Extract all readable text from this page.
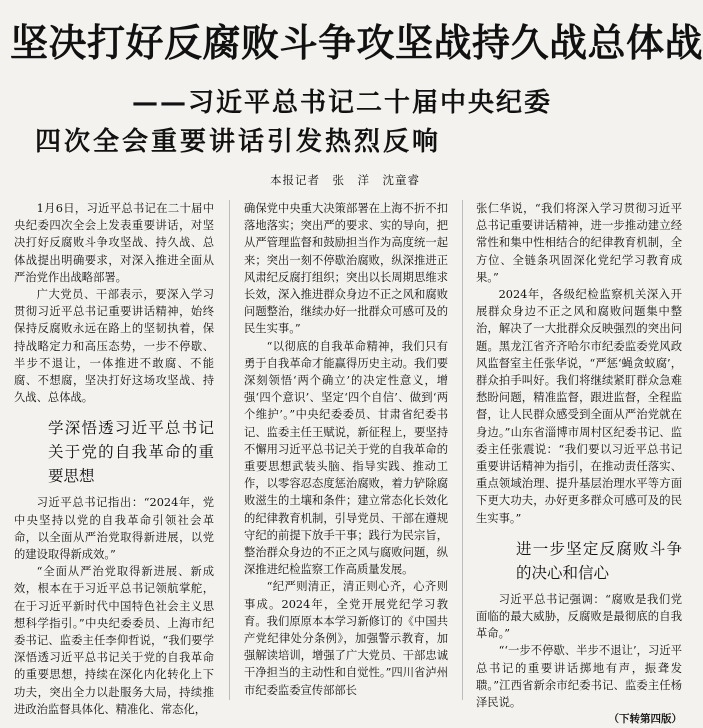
坚决打好反腐败斗争攻坚战持久战总体战
——习近平总书记二十届中央纪委
四次全会重要讲话引发热烈反响
本报记者　张　洋　沈童睿

1月6日，习近平总书记在二十届中央纪委四次全会上发表重要讲话，对坚决打好反腐败斗争攻坚战、持久战、总体战提出明确要求，对深入推进全面从严治党作出战略部署。

广大党员、干部表示，要深入学习贯彻习近平总书记重要讲话精神，始终保持反腐败永远在路上的坚韧执着，保持战略定力和高压态势，一步不停歇、半步不退让，一体推进不敢腐、不能腐、不想腐，坚决打好这场攻坚战、持久战、总体战。

学深悟透习近平总书记关于党的自我革命的重要思想

习近平总书记指出：“2024年，党中央坚持以党的自我革命引领社会革命，以全面从严治党取得新进展，以党的建设取得新成效。”

“全面从严治党取得新进展、新成效，根本在于习近平总书记领航掌舵，在于习近平新时代中国特色社会主义思想科学指引。”中央纪委委员、上海市纪委书记、监委主任李仰哲说，“我们要学深悟透习近平总书记关于党的自我革命的重要思想，持续在深化内化转化上下功夫，突出全力以赴服务大局，持续推进政治监督具体化、精准化、常态化，

确保党中央重大决策部署在上海不折不扣落地落实；突出严的要求、实的导向，把从严管理监督和鼓励担当作为高度统一起来；突出一刻不停歇治腐败，纵深推进正风肃纪反腐打组织；突出以长周期思维求长效，深入推进群众身边不正之风和腐败问题整治，继续办好一批群众可感可及的民生实事。”

“以彻底的自我革命精神，我们只有勇于自我革命才能赢得历史主动。我们要深刻领悟‘两个确立’的决定性意义，增强‘四个意识’、坚定‘四个自信’、做到‘两个维护’。”中央纪委委员、甘肃省纪委书记、监委主任王赋说，新征程上，要坚持不懈用习近平总书记关于党的自我革命的重要思想武装头脑、指导实践、推动工作，以零容忍态度惩治腐败，着力铲除腐败滋生的土壤和条件；建立常态化长效化的纪律教育机制，引导党员、干部在遵规守纪的前提下放手干事；践行为民宗旨，整治群众身边的不正之风与腐败问题，纵深推进纪检监察工作高质量发展。

“纪严则清正，清正则心齐，心齐则事成。2024年，全党开展党纪学习教育。我们原原本本学习新修订的《中国共产党纪律处分条例》，加强警示教育，加强解读培训，增强了广大党员、干部忠诚干净担当的主动性和自觉性。”四川省泸州市纪委监委宣传部部长

张仁华说，“我们将深入学习贯彻习近平总书记重要讲话精神，进一步推动建立经常性和集中性相结合的纪律教育机制，全方位、全链条巩固深化党纪学习教育成果。”

2024年，各级纪检监察机关深入开展群众身边不正之风和腐败问题集中整治，解决了一大批群众反映强烈的突出问题。黑龙江省齐齐哈尔市纪委监委党风政风监督室主任张华说，“严惩‘蝇贪蚁腐’，群众拍手叫好。我们将继续紧盯群众急难愁盼问题，精准监督，跟进监督，全程监督，让人民群众感受到全面从严治党就在身边。”山东省淄博市周村区纪委书记、监委主任张震说：“我们要以习近平总书记重要讲话精神为指引，在推动责任落实、重点领域治理、提升基层治理水平等方面下更大功夫，办好更多群众可感可及的民生实事。”

进一步坚定反腐败斗争的决心和信心

习近平总书记强调：“腐败是我们党面临的最大威胁，反腐败是最彻底的自我革命。”

“‘一步不停歇、半步不退让’，习近平总书记的重要讲话掷地有声，振聋发聩。”江西省新余市纪委书记、监委主任杨泽民说。

（下转第四版）
